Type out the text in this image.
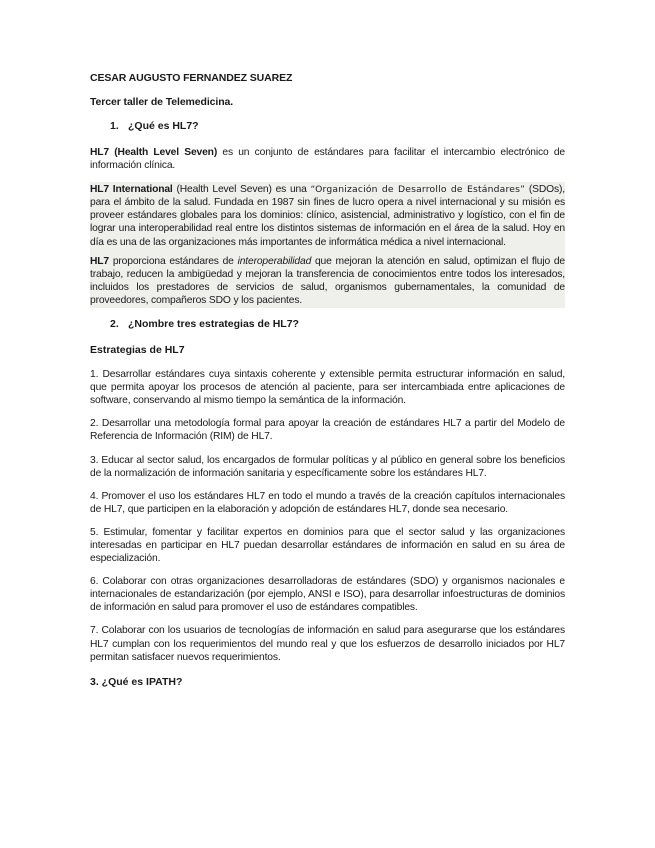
CESAR AUGUSTO FERNANDEZ SUAREZ
Tercer taller de Telemedicina.
1. ¿Qué es HL7?
HL7 (Health Level Seven) es un conjunto de estándares para facilitar el intercambio electrónico de información clínica.
HL7 International (Health Level Seven) es una “Organización de Desarrollo de Estándares” (SDOs), para el ámbito de la salud. Fundada en 1987 sin fines de lucro opera a nivel internacional y su misión es proveer estándares globales para los dominios: clínico, asistencial, administrativo y logístico, con el fin de lograr una interoperabilidad real entre los distintos sistemas de información en el área de la salud. Hoy en día es una de las organizaciones más importantes de informática médica a nivel internacional.
HL7 proporciona estándares de interoperabilidad que mejoran la atención en salud, optimizan el flujo de trabajo, reducen la ambigüedad y mejoran la transferencia de conocimientos entre todos los interesados, incluidos los prestadores de servicios de salud, organismos gubernamentales, la comunidad de proveedores, compañeros SDO y los pacientes.
2. ¿Nombre tres estrategias de HL7?
Estrategias de HL7
1. Desarrollar estándares cuya sintaxis coherente y extensible permita estructurar información en salud, que permita apoyar los procesos de atención al paciente, para ser intercambiada entre aplicaciones de software, conservando al mismo tiempo la semántica de la información.
2. Desarrollar una metodología formal para apoyar la creación de estándares HL7 a partir del Modelo de Referencia de Información (RIM) de HL7.
3. Educar al sector salud, los encargados de formular políticas y al público en general sobre los beneficios de la normalización de información sanitaria y específicamente sobre los estándares HL7.
4. Promover el uso los estándares HL7 en todo el mundo a través de la creación capítulos internacionales de HL7, que participen en la elaboración y adopción de estándares HL7, donde sea necesario.
5. Estimular, fomentar y facilitar expertos en dominios para que el sector salud y las organizaciones interesadas en participar en HL7 puedan desarrollar estándares de información en salud en su área de especialización.
6. Colaborar con otras organizaciones desarrolladoras de estándares (SDO) y organismos nacionales e internacionales de estandarización (por ejemplo, ANSI e ISO), para desarrollar infoestructuras de dominios de información en salud para promover el uso de estándares compatibles.
7. Colaborar con los usuarios de tecnologías de información en salud para asegurarse que los estándares HL7 cumplan con los requerimientos del mundo real y que los esfuerzos de desarrollo iniciados por HL7 permitan satisfacer nuevos requerimientos.
3. ¿Qué es IPATH?
